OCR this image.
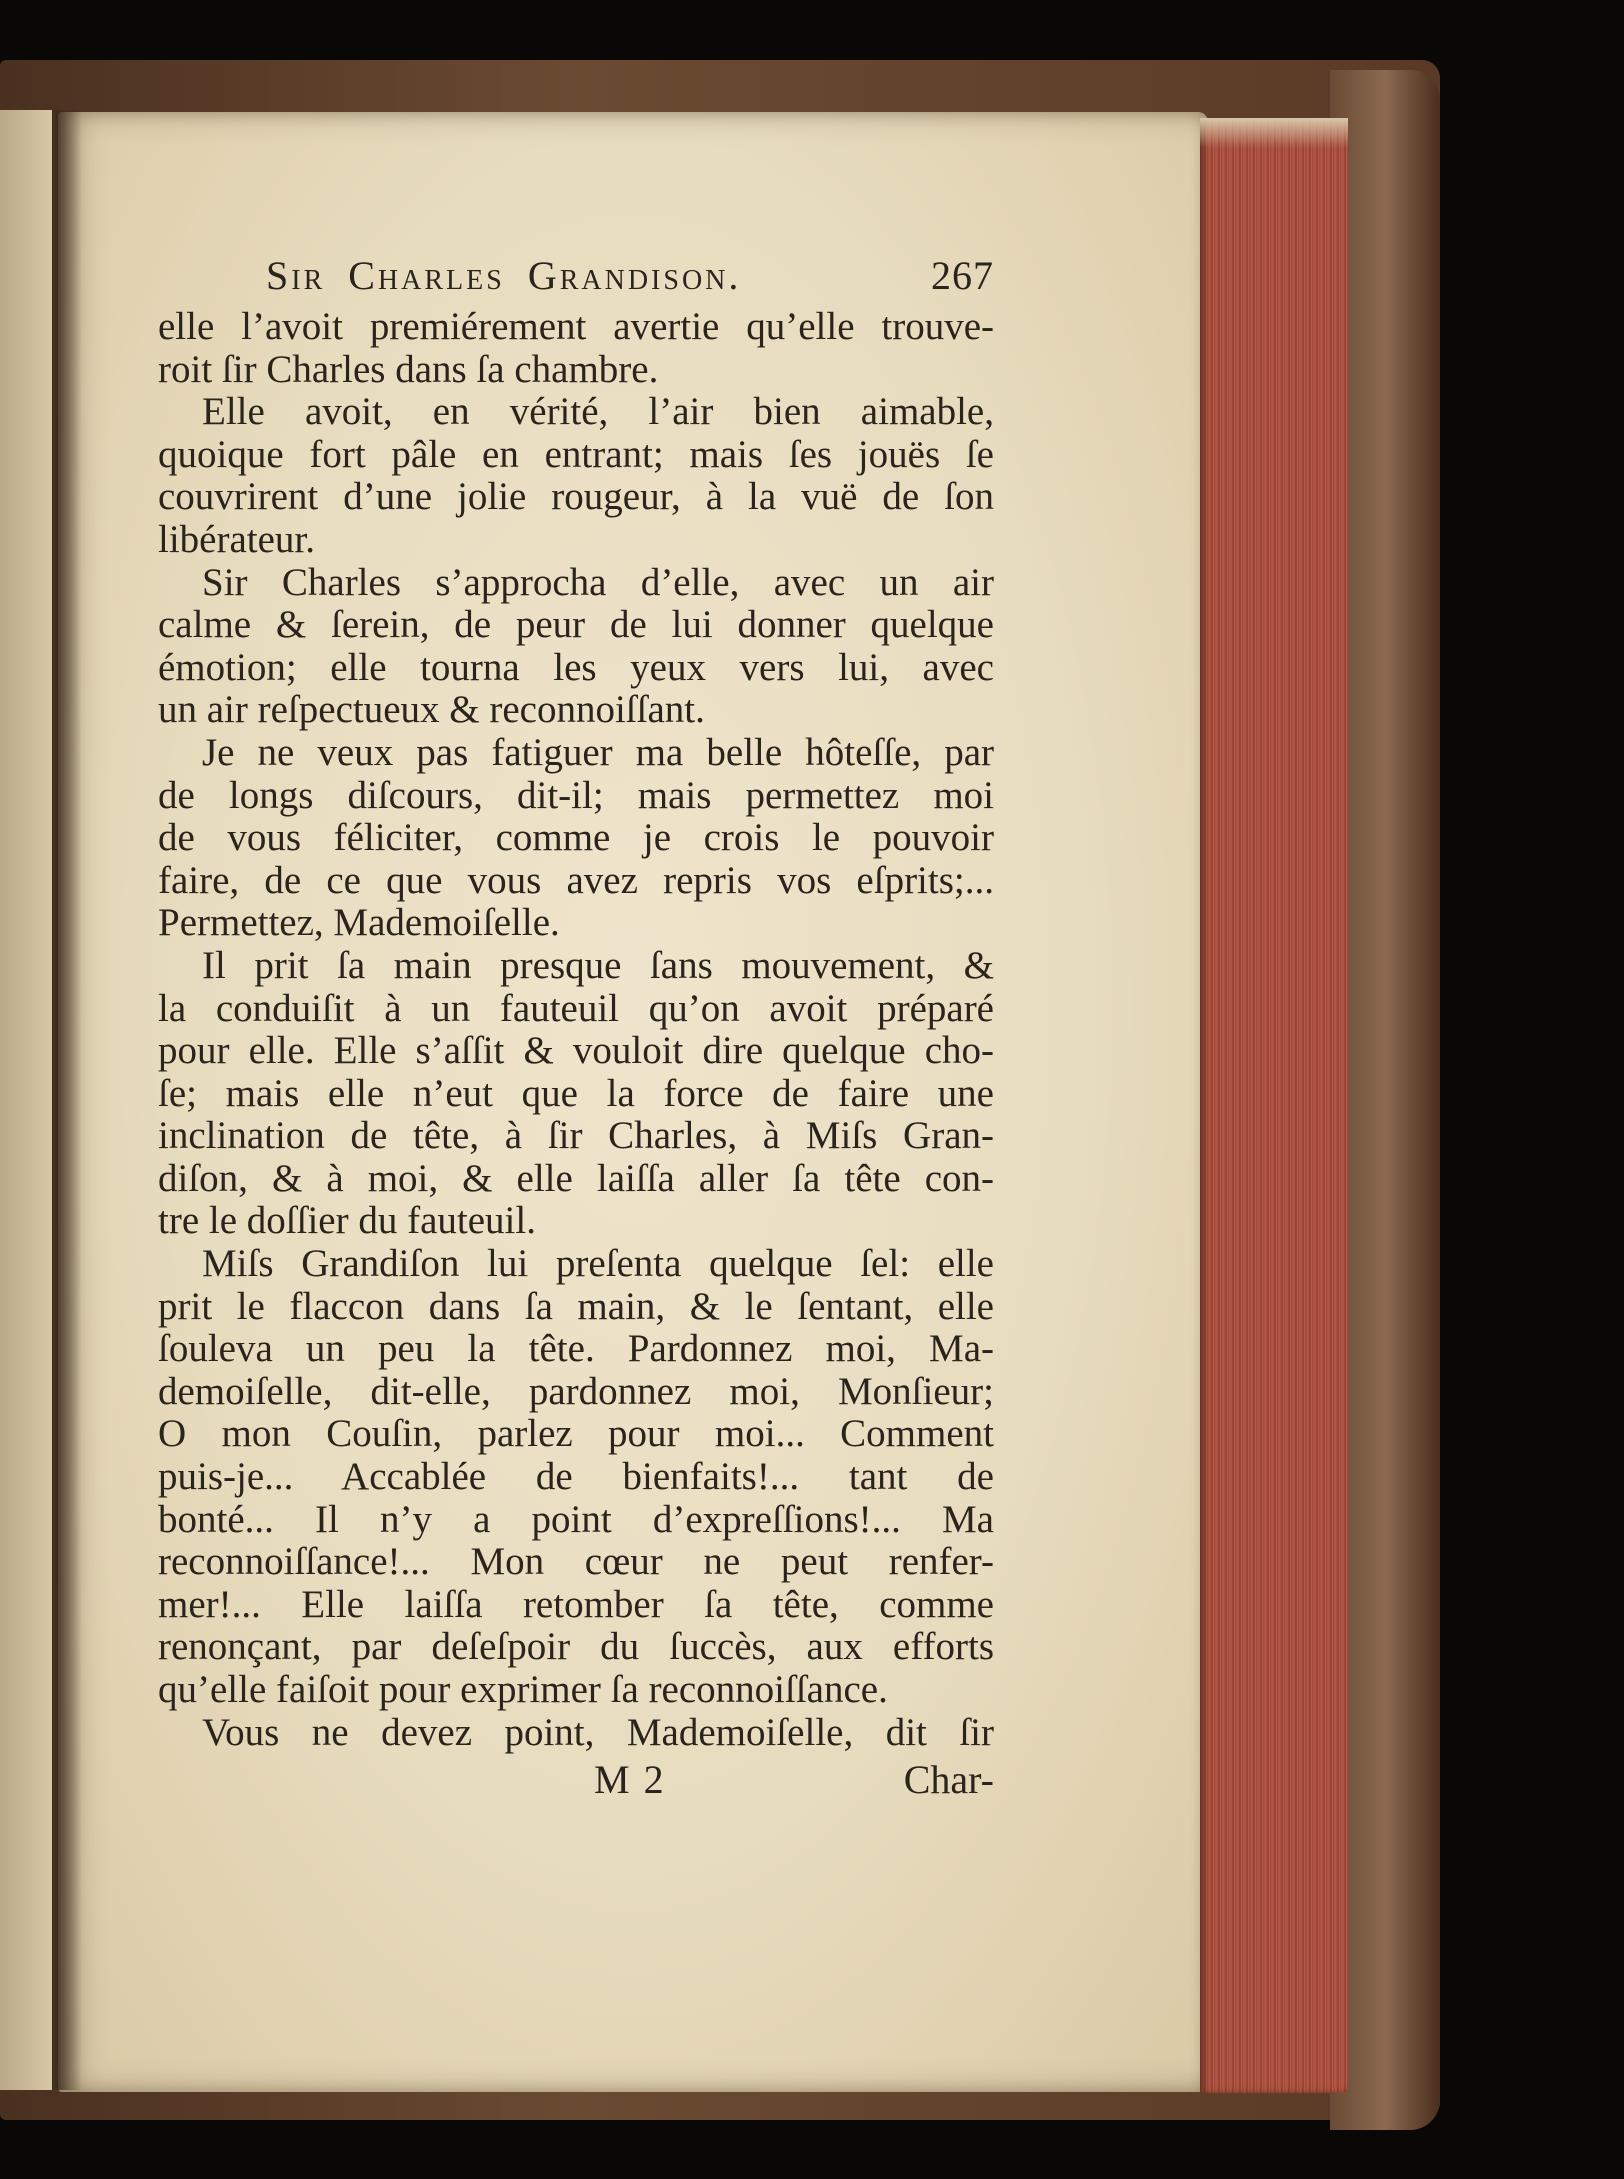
Sir Charles Grandison.	267
elle l’avoit premiérement avertie qu’elle trouve-
roit ſir Charles dans ſa chambre.
Elle avoit, en vérité, l’air bien aimable,
quoique fort pâle en entrant; mais ſes jouës ſe
couvrirent d’une jolie rougeur, à la vuë de ſon
libérateur.
Sir Charles s’approcha d’elle, avec un air
calme & ſerein, de peur de lui donner quelque
émotion; elle tourna les yeux vers lui, avec
un air reſpectueux & reconnoiſſant.
Je ne veux pas fatiguer ma belle hôteſſe, par
de longs diſcours, dit-il; mais permettez moi
de vous féliciter, comme je crois le pouvoir
faire, de ce que vous avez repris vos eſprits;...
Permettez, Mademoiſelle.
Il prit ſa main presque ſans mouvement, &
la conduiſit à un fauteuil qu’on avoit préparé
pour elle. Elle s’aſſit & vouloit dire quelque cho-
ſe; mais elle n’eut que la force de faire une
inclination de tête, à ſir Charles, à Miſs Gran-
diſon, & à moi, & elle laiſſa aller ſa tête con-
tre le doſſier du fauteuil.
Miſs Grandiſon lui preſenta quelque ſel: elle
prit le flaccon dans ſa main, & le ſentant, elle
ſouleva un peu la tête. Pardonnez moi, Ma-
demoiſelle, dit-elle, pardonnez moi, Monſieur;
O mon Couſin, parlez pour moi... Comment
puis-je... Accablée de bienfaits!... tant de
bonté... Il n’y a point d’expreſſions!... Ma
reconnoiſſance!... Mon cœur ne peut renfer-
mer!... Elle laiſſa retomber ſa tête, comme
renonçant, par deſeſpoir du ſuccès, aux efforts
qu’elle faiſoit pour exprimer ſa reconnoiſſance.
Vous ne devez point, Mademoiſelle, dit ſir
M 2	Char-
